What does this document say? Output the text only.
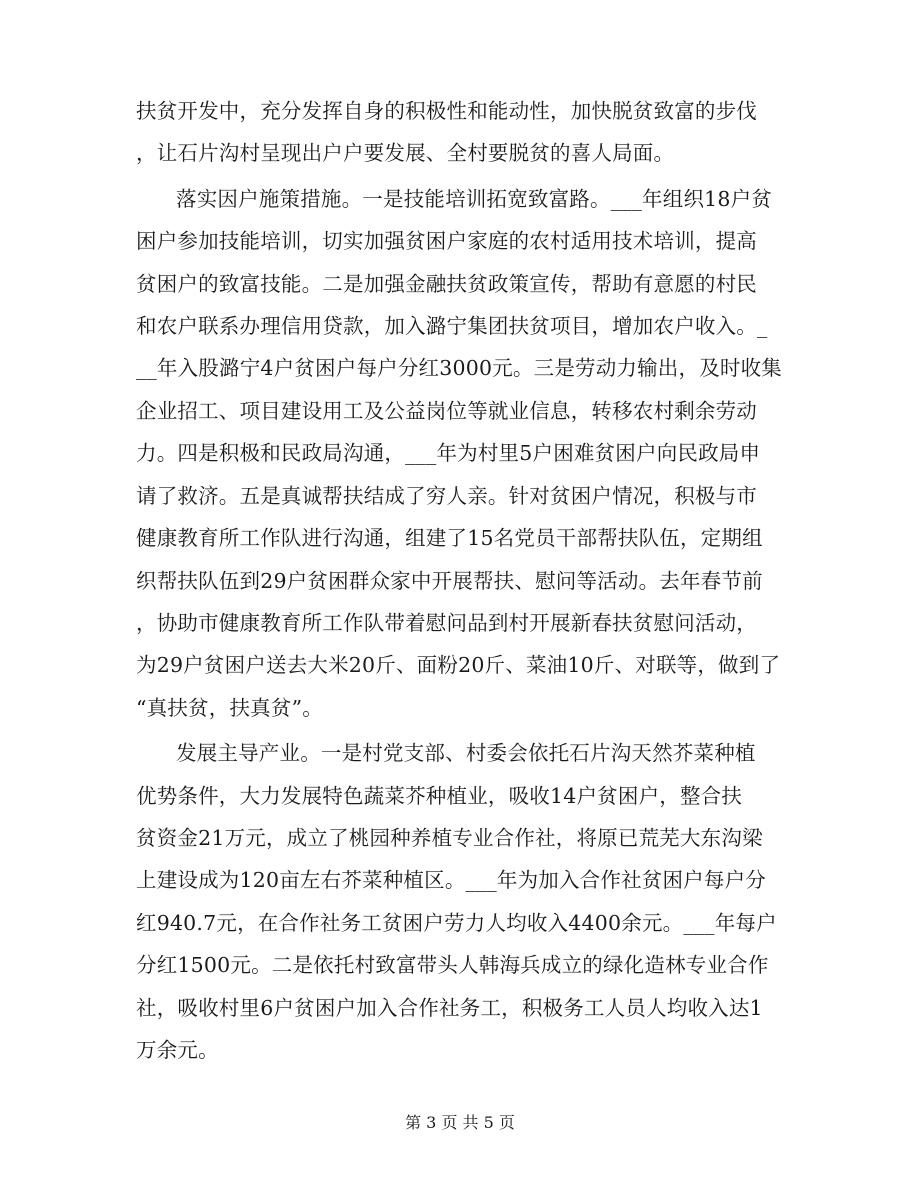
扶贫开发中，充分发挥自身的积极性和能动性，加快脱贫致富的步伐
，让石片沟村呈现出户户要发展、全村要脱贫的喜人局面。
落实因户施策措施。一是技能培训拓宽致富路。___年组织18户贫
困户参加技能培训，切实加强贫困户家庭的农村适用技术培训，提高
贫困户的致富技能。二是加强金融扶贫政策宣传，帮助有意愿的村民
和农户联系办理信用贷款，加入潞宁集团扶贫项目，增加农户收入。_
__年入股潞宁4户贫困户每户分红3000元。三是劳动力输出，及时收集
企业招工、项目建设用工及公益岗位等就业信息，转移农村剩余劳动
力。四是积极和民政局沟通，___年为村里5户困难贫困户向民政局申
请了救济。五是真诚帮扶结成了穷人亲。针对贫困户情况，积极与市
健康教育所工作队进行沟通，组建了15名党员干部帮扶队伍，定期组
织帮扶队伍到29户贫困群众家中开展帮扶、慰问等活动。去年春节前
，协助市健康教育所工作队带着慰问品到村开展新春扶贫慰问活动，
为29户贫困户送去大米20斤、面粉20斤、菜油10斤、对联等，做到了
“真扶贫，扶真贫”。
发展主导产业。一是村党支部、村委会依托石片沟天然芥菜种植
优势条件，大力发展特色蔬菜芥种植业，吸收14户贫困户，整合扶
贫资金21万元，成立了桃园种养植专业合作社，将原已荒芜大东沟梁
上建设成为120亩左右芥菜种植区。___年为加入合作社贫困户每户分
红940.7元，在合作社务工贫困户劳力人均收入4400余元。___年每户
分红1500元。二是依托村致富带头人韩海兵成立的绿化造林专业合作
社，吸收村里6户贫困户加入合作社务工，积极务工人员人均收入达1
万余元。
第 3 页 共 5 页
